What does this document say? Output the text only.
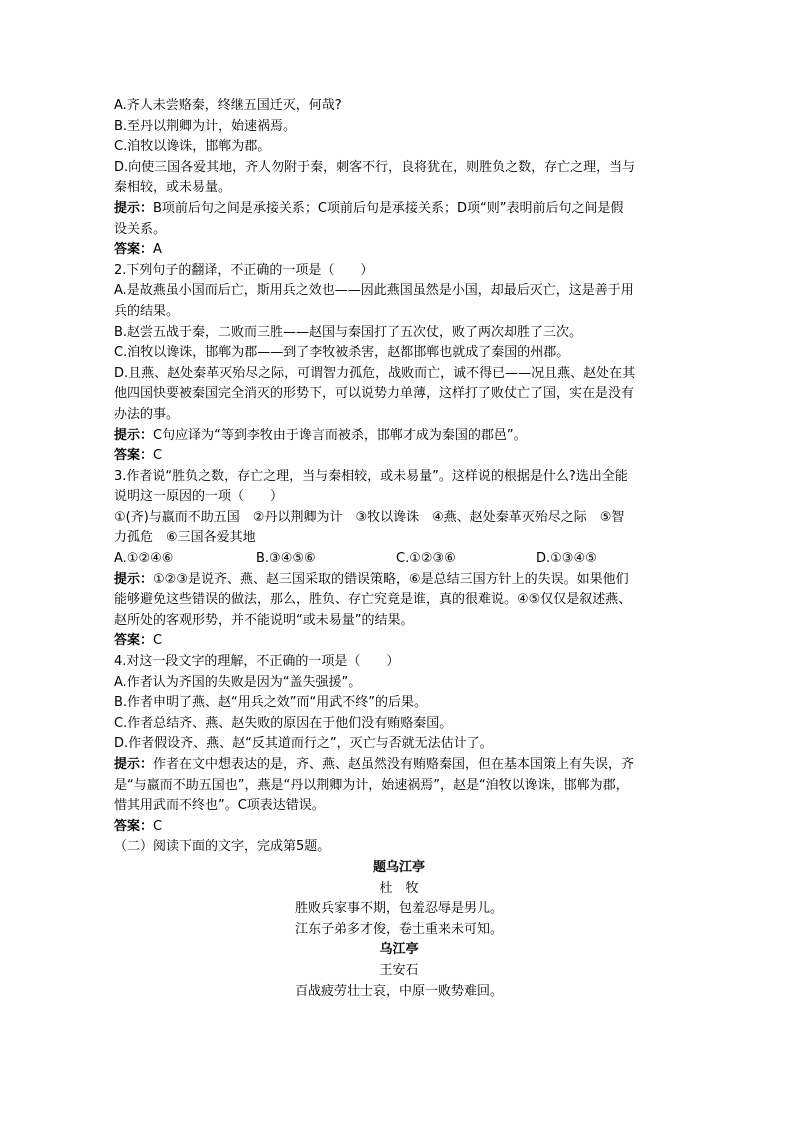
A.齐人未尝赂秦，终继五国迁灭，何哉?
B.至丹以荆卿为计，始速祸焉。
C.洎牧以谗诛，邯郸为郡。
D.向使三国各爱其地，齐人勿附于秦，刺客不行，良将犹在，则胜负之数，存亡之理，当与
秦相较，或未易量。
提示：B项前后句之间是承接关系；C项前后句是承接关系；D项“则”表明前后句之间是假
设关系。
答案：A
2.下列句子的翻译，不正确的一项是（　　）
A.是故燕虽小国而后亡，斯用兵之效也——因此燕国虽然是小国，却最后灭亡，这是善于用
兵的结果。
B.赵尝五战于秦，二败而三胜——赵国与秦国打了五次仗，败了两次却胜了三次。
C.洎牧以谗诛，邯郸为郡——到了李牧被杀害，赵都邯郸也就成了秦国的州郡。
D.且燕、赵处秦革灭殆尽之际，可谓智力孤危，战败而亡，诚不得已——况且燕、赵处在其
他四国快要被秦国完全消灭的形势下，可以说势力单薄，这样打了败仗亡了国，实在是没有
办法的事。
提示：C句应译为“等到李牧由于谗言而被杀，邯郸才成为秦国的郡邑”。
答案：C
3.作者说“胜负之数，存亡之理，当与秦相较，或未易量”。这样说的根据是什么?选出全能
说明这一原因的一项（　　）
①(齐)与嬴而不助五国　②丹以荆卿为计　③牧以谗诛　④燕、赵处秦革灭殆尽之际　⑤智
力孤危　⑥三国各爱其地
A.①②④⑥	B.③④⑤⑥	C.①②③⑥	D.①③④⑤
提示：①②③是说齐、燕、赵三国采取的错误策略，⑥是总结三国方针上的失误。如果他们
能够避免这些错误的做法，那么，胜负、存亡究竟是谁，真的很难说。④⑤仅仅是叙述燕、
赵所处的客观形势，并不能说明“或未易量”的结果。
答案：C
4.对这一段文字的理解，不正确的一项是（　　）
A.作者认为齐国的失败是因为“盖失强援”。
B.作者申明了燕、赵“用兵之效”而“用武不终”的后果。
C.作者总结齐、燕、赵失败的原因在于他们没有贿赂秦国。
D.作者假设齐、燕、赵“反其道而行之”，灭亡与否就无法估计了。
提示：作者在文中想表达的是，齐、燕、赵虽然没有贿赂秦国，但在基本国策上有失误，齐
是“与嬴而不助五国也”，燕是“丹以荆卿为计，始速祸焉”，赵是“洎牧以谗诛，邯郸为郡，
惜其用武而不终也”。C项表达错误。
答案：C
（二）阅读下面的文字，完成第5题。
题乌江亭
杜　牧
胜败兵家事不期，包羞忍辱是男儿。
江东子弟多才俊，卷土重来未可知。
乌江亭
王安石
百战疲劳壮士哀，中原一败势难回。
